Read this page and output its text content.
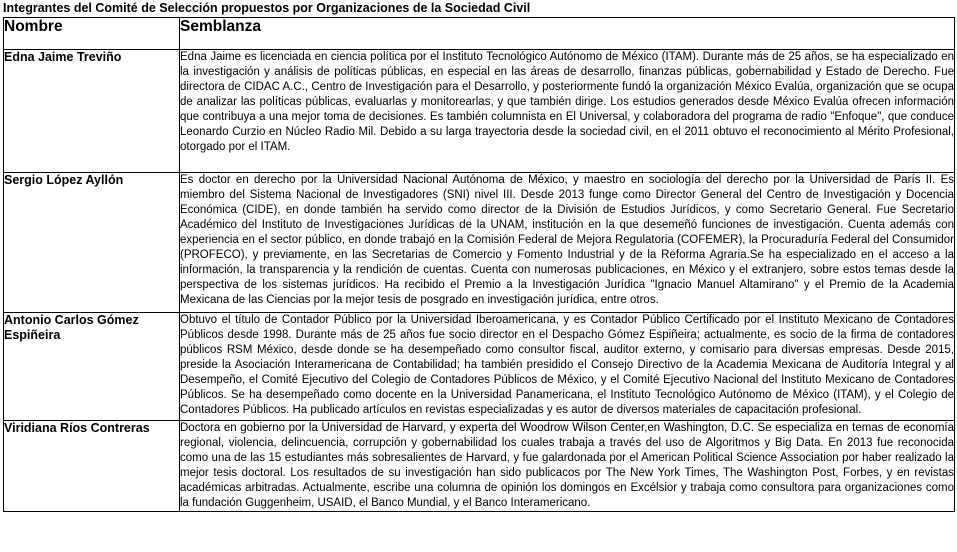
Integrantes del Comité de Selección propuestos por Organizaciones de la Sociedad Civil
Nombre	Semblanza
Edna Jaime Treviño	Edna Jaime es licenciada en ciencia política por el Instituto Tecnológico Autónomo de México (ITAM). Durante más de 25 años, se ha especializado en la investigación y análisis de políticas públicas, en especial en las áreas de desarrollo, finanzas públicas, gobernabilidad y Estado de Derecho. Fue directora de CIDAC A.C., Centro de Investigación para el Desarrollo, y posteriormente fundó la organización México Evalúa, organización que se ocupa de analizar las políticas públicas, evaluarlas y monitorearlas, y que también dirige. Los estudios generados desde México Evalúa ofrecen información que contribuya a una mejor toma de decisiones. Es también columnista en El Universal, y colaboradora del programa de radio "Enfoque", que conduce Leonardo Curzio en Núcleo Radio Mil. Debido a su larga trayectoria desde la sociedad civil, en el 2011 obtuvo el reconocimiento al Mérito Profesional, otorgado por el ITAM.
Sergio López Ayllón	Es doctor en derecho por la Universidad Nacional Autónoma de México, y maestro en sociología del derecho por la Universidad de París II. Es miembro del Sistema Nacional de Investigadores (SNI) nivel III. Desde 2013 funge como Director General del Centro de Investigación y Docencia Económica (CIDE), en donde también ha servido como director de la División de Estudios Jurídicos, y como Secretario General. Fue Secretario Académico del Instituto de Investigaciones Jurídicas de la UNAM, institución en la que desemeñó funciones de investigación. Cuenta además con experiencia en el sector público, en donde trabajó en la Comisión Federal de Mejora Regulatoria (COFEMER), la Procuraduría Federal del Consumidor (PROFECO), y previamente, en las Secretarias de Comercio y Fomento Industrial y de la Reforma Agraria.Se ha especializado en el acceso a la información, la transparencia y la rendición de cuentas. Cuenta con numerosas publicaciones, en México y el extranjero, sobre estos temas desde la perspectiva de los sistemas jurídicos. Ha recibido el Premio a la Investigación Jurídica "Ignacio Manuel Altamirano" y el Premio de la Academia Mexicana de las Ciencias por la mejor tesis de posgrado en investigación jurídica, entre otros.
Antonio Carlos Gómez Espiñeira	Obtuvo el título de Contador Público por la Universidad Iberoamericana, y es Contador Público Certificado por el Instituto Mexicano de Contadores Públicos desde 1998. Durante más de 25 años fue socio director en el Despacho Gómez Espiñeira; actualmente, es socio de la firma de contadores públicos RSM México, desde donde se ha desempeñado como consultor fiscal, auditor externo, y comisario para diversas empresas. Desde 2015, preside la Asociación Interamericana de Contabilidad; ha también presidido el Consejo Directivo de la Academia Mexicana de Auditoría Integral y al Desempeño, el Comité Ejecutivo del Colegio de Contadores Públicos de México, y el Comité Ejecutivo Nacional del Instituto Mexicano de Contadores Públicos. Se ha desempeñado como docente en la Universidad Panamericana, el Instituto Tecnológico Autónomo de México (ITAM), y el Colegio de Contadores Públicos. Ha publicado artículos en revistas especializadas y es autor de diversos materiales de capacitación profesional.
Viridiana Ríos Contreras	Doctora en gobierno por la Universidad de Harvard, y experta del Woodrow Wilson Center,en Washington, D.C. Se especializa en temas de economía regional, violencia, delincuencia, corrupción y gobernabilidad los cuales trabaja a través del uso de Algoritmos y Big Data. En 2013 fue reconocida como una de las 15 estudiantes más sobresalientes de Harvard, y fue galardonada por el American Political Science Association por haber realizado la mejor tesis doctoral. Los resultados de su investigación han sido publicacos por The New York Times, The Washington Post, Forbes, y en revistas académicas arbitradas. Actualmente, escribe una columna de opinión los domingos en Excélsior y trabaja como consultora para organizaciones como la fundación Guggenheim, USAID, el Banco Mundial, y el Banco Interamericano.
